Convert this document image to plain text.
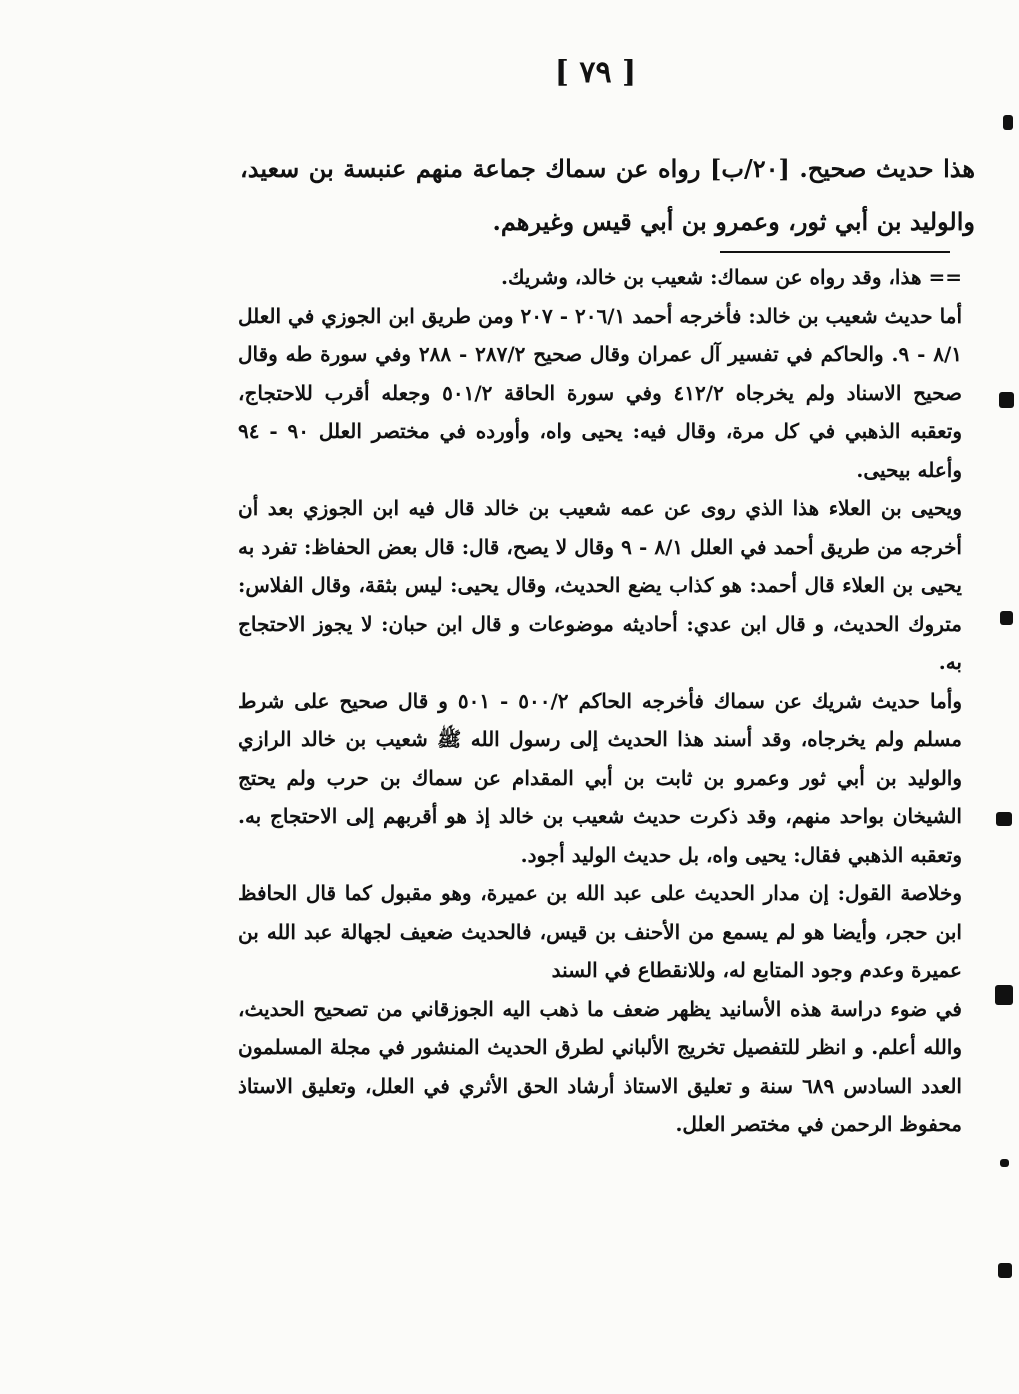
[ ٧٩ ]

هذا حديث صحيح. [٢٠/ب] رواه عن سماك جماعة منهم عنبسة بن سعيد، والوليد بن أبي ثور، وعمرو بن أبي قيس وغيرهم.

== هذا، وقد رواه عن سماك: شعيب بن خالد، وشريك.

أما حديث شعيب بن خالد: فأخرجه أحمد ٢٠٦/١ - ٢٠٧ ومن طريق ابن الجوزي في العلل ٨/١ - ٩. والحاكم في تفسير آل عمران وقال صحيح ٢٨٧/٢ - ٢٨٨ وفي سورة طه وقال صحيح الاسناد ولم يخرجاه ٤١٢/٢ وفي سورة الحاقة ٥٠١/٢ وجعله أقرب للاحتجاج، وتعقبه الذهبي في كل مرة، وقال فيه: يحيى واه، وأورده في مختصر العلل ٩٠ - ٩٤ وأعله بيحيى.

ويحيى بن العلاء هذا الذي روى عن عمه شعيب بن خالد قال فيه ابن الجوزي بعد أن أخرجه من طريق أحمد في العلل ٨/١ - ٩ وقال لا يصح، قال: قال بعض الحفاظ: تفرد به يحيى بن العلاء قال أحمد: هو كذاب يضع الحديث، وقال يحيى: ليس بثقة، وقال الفلاس: متروك الحديث، و قال ابن عدي: أحاديثه موضوعات و قال ابن حبان: لا يجوز الاحتجاج به.

وأما حديث شريك عن سماك فأخرجه الحاكم ٥٠٠/٢ - ٥٠١ و قال صحيح على شرط مسلم ولم يخرجاه، وقد أسند هذا الحديث إلى رسول الله ﷺ شعيب بن خالد الرازي والوليد بن أبي ثور وعمرو بن ثابت بن أبي المقدام عن سماك بن حرب ولم يحتج الشيخان بواحد منهم، وقد ذكرت حديث شعيب بن خالد إذ هو أقربهم إلى الاحتجاج به. وتعقبه الذهبي فقال: يحيى واه، بل حديث الوليد أجود.

وخلاصة القول: إن مدار الحديث على عبد الله بن عميرة، وهو مقبول كما قال الحافظ ابن حجر، وأيضا هو لم يسمع من الأحنف بن قيس، فالحديث ضعيف لجهالة عبد الله بن عميرة وعدم وجود المتابع له، وللانقطاع في السند

في ضوء دراسة هذه الأسانيد يظهر ضعف ما ذهب اليه الجوزقاني من تصحيح الحديث، والله أعلم. و انظر للتفصيل تخريج الألباني لطرق الحديث المنشور في مجلة المسلمون العدد السادس ٦٨٩ سنة و تعليق الاستاذ أرشاد الحق الأثري في العلل، وتعليق الاستاذ محفوظ الرحمن في مختصر العلل.
